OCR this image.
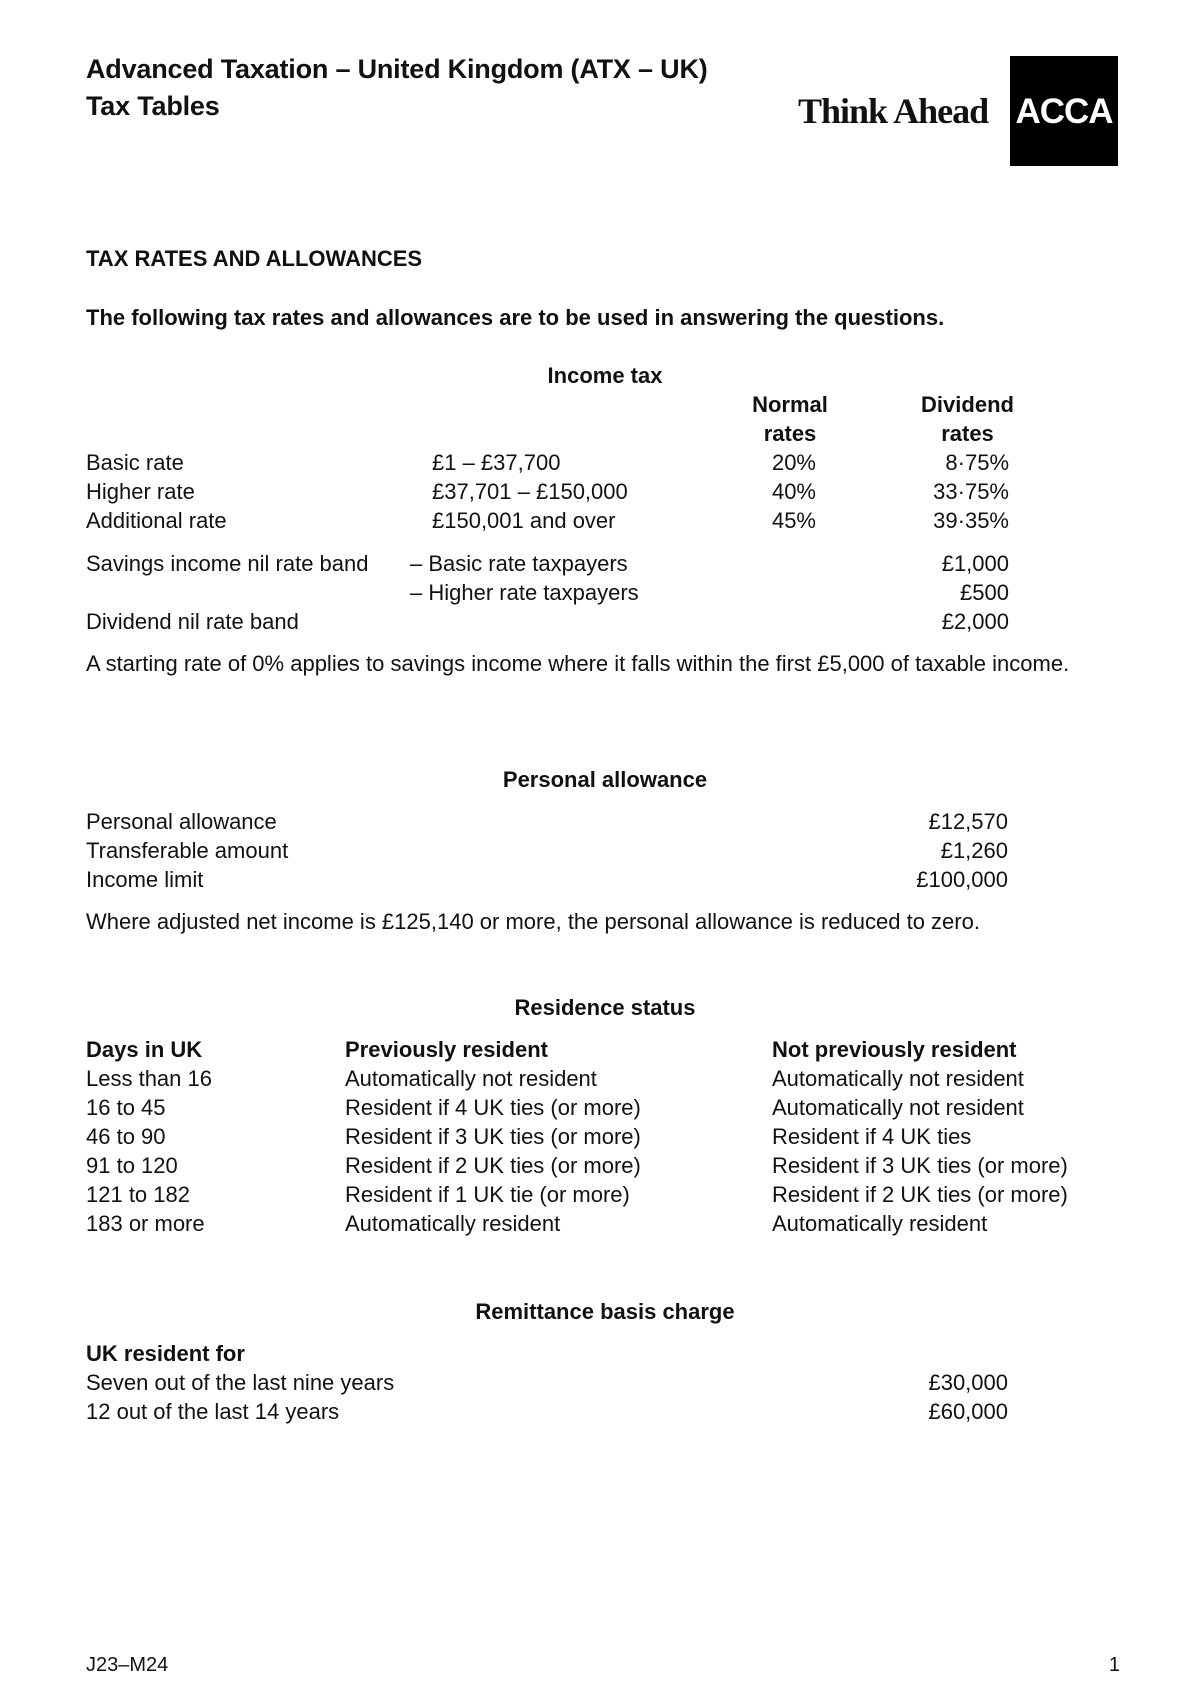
Advanced Taxation – United Kingdom (ATX – UK)
Tax Tables	Think Ahead ACCA
TAX RATES AND ALLOWANCES
The following tax rates and allowances are to be used in answering the questions.
Income tax
Normal
rates
Dividend
rates
Basic rate	£1 – £37,700	20%	8·75%
Higher rate	£37,701 – £150,000	40%	33·75%
Additional rate	£150,001 and over	45%	39·35%
Savings income nil rate band – Basic rate taxpayers	£1,000
– Higher rate taxpayers	£500
Dividend nil rate band	£2,000
A starting rate of 0% applies to savings income where it falls within the first £5,000 of taxable income.
Personal allowance
Personal allowance	£12,570
Transferable amount	£1,260
Income limit	£100,000
Where adjusted net income is £125,140 or more, the personal allowance is reduced to zero.
Residence status
Days in UK	Previously resident	Not previously resident
Less than 16	Automatically not resident	Automatically not resident
16 to 45	Resident if 4 UK ties (or more)	Automatically not resident
46 to 90	Resident if 3 UK ties (or more)	Resident if 4 UK ties
91 to 120	Resident if 2 UK ties (or more)	Resident if 3 UK ties (or more)
121 to 182	Resident if 1 UK tie (or more)	Resident if 2 UK ties (or more)
183 or more	Automatically resident	Automatically resident
Remittance basis charge
UK resident for
Seven out of the last nine years	£30,000
12 out of the last 14 years	£60,000
J23–M24	1
